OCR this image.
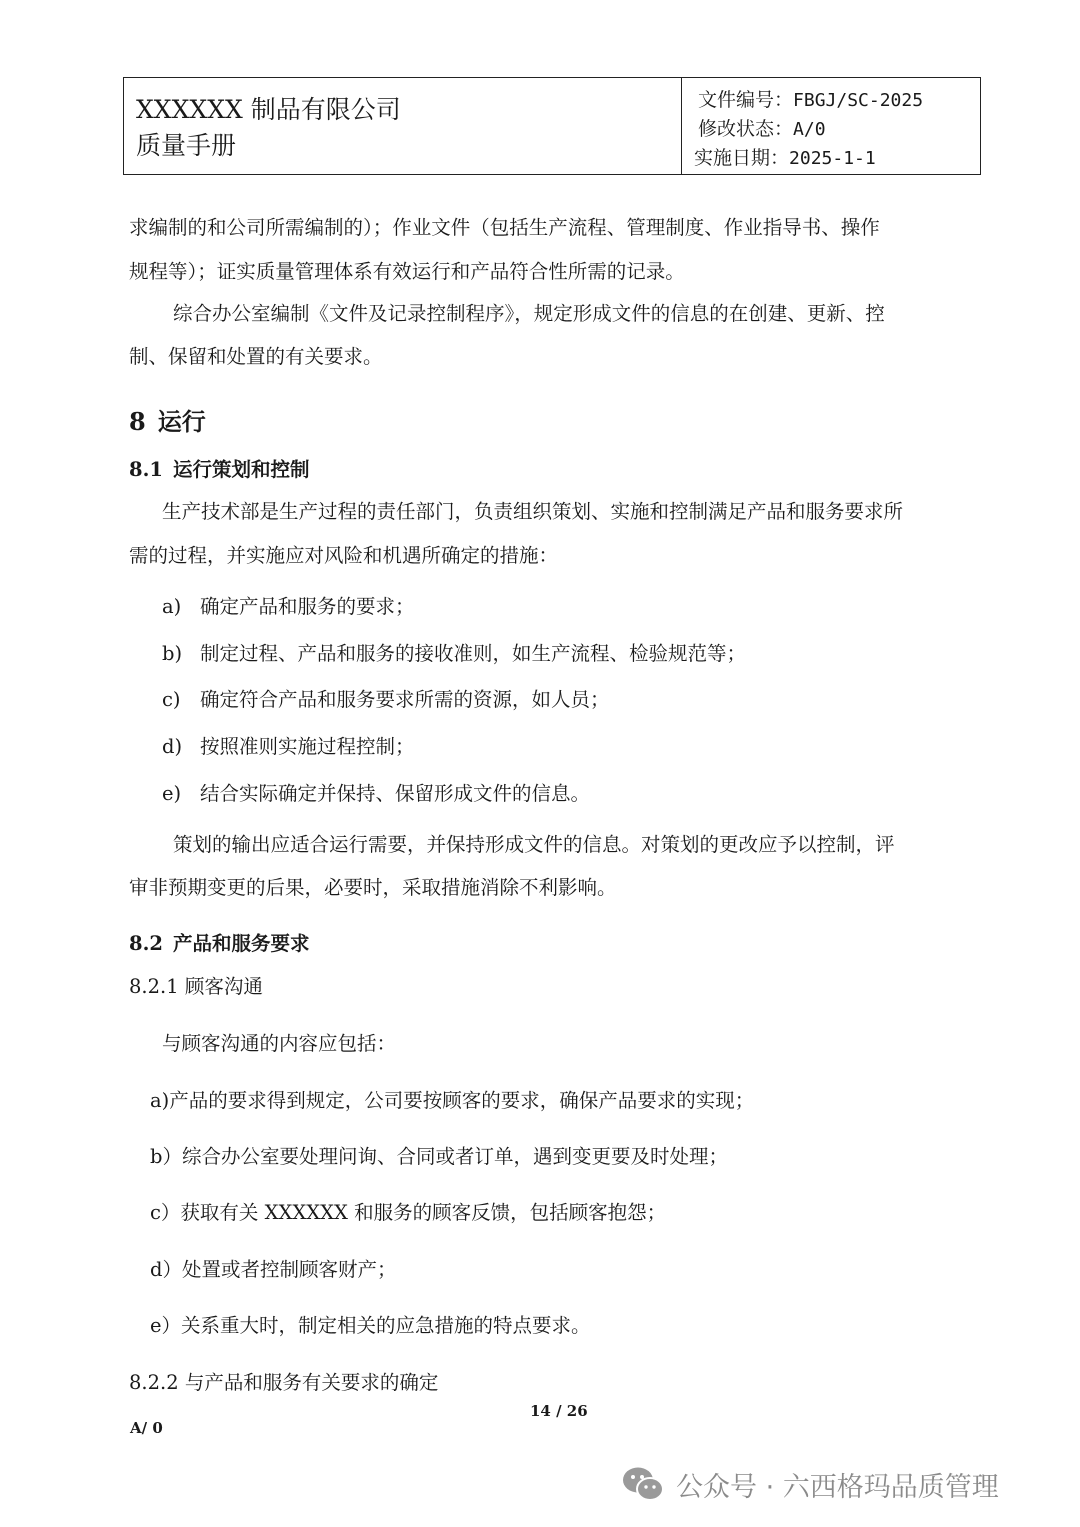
XXXXXX 制品有限公司
质量手册
文件编号：FBGJ/SC-2025
修改状态：A/0
实施日期：2025-1-1
求编制的和公司所需编制的）；作业文件（包括生产流程、管理制度、作业指导书、操作
规程等）；证实质量管理体系有效运行和产品符合性所需的记录。
综合办公室编制《文件及记录控制程序》，规定形成文件的信息的在创建、更新、控
制、保留和处置的有关要求。
8 运行
8.1 运行策划和控制
生产技术部是生产过程的责任部门，负责组织策划、实施和控制满足产品和服务要求所
需的过程，并实施应对风险和机遇所确定的措施：
a) 确定产品和服务的要求；
b) 制定过程、产品和服务的接收准则，如生产流程、检验规范等；
c) 确定符合产品和服务要求所需的资源，如人员；
d) 按照准则实施过程控制；
e) 结合实际确定并保持、保留形成文件的信息。
策划的输出应适合运行需要，并保持形成文件的信息。对策划的更改应予以控制，评
审非预期变更的后果，必要时，采取措施消除不利影响。
8.2 产品和服务要求
8.2.1 顾客沟通
与顾客沟通的内容应包括：
a)产品的要求得到规定，公司要按顾客的要求，确保产品要求的实现；
b）综合办公室要处理问询、合同或者订单，遇到变更要及时处理；
c）获取有关 XXXXXX 和服务的顾客反馈，包括顾客抱怨；
d）处置或者控制顾客财产；
e）关系重大时，制定相关的应急措施的特点要求。
8.2.2 与产品和服务有关要求的确定
14 / 26
A/ 0
公众号 · 六西格玛品质管理
